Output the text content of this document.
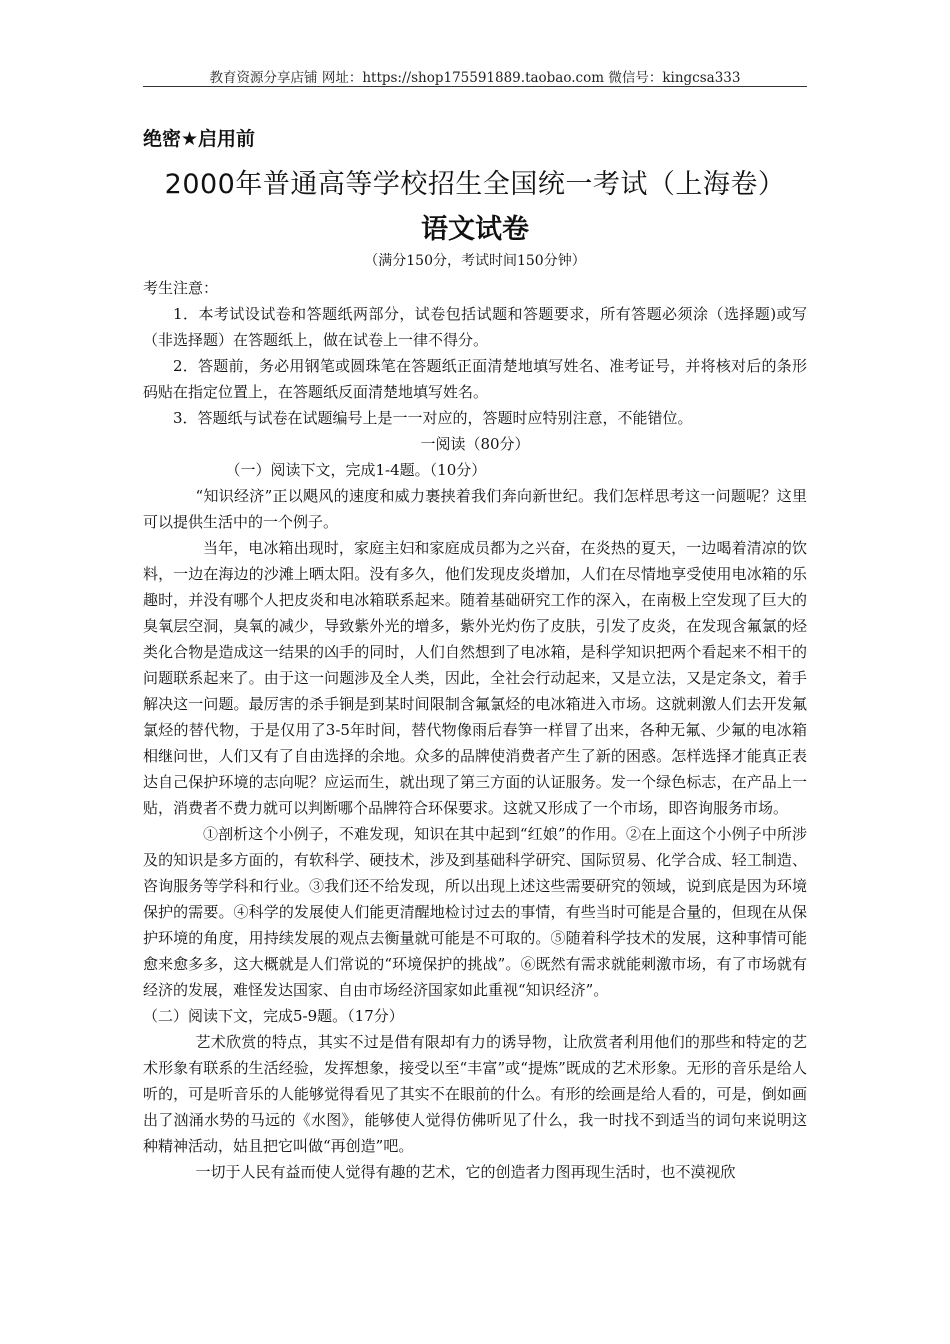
教育资源分享店铺 网址：https://shop175591889.taobao.com 微信号：kingcsa333
绝密★启用前
2000年普通高等学校招生全国统一考试（上海卷）
语文试卷
（满分150分，考试时间150分钟）

考生注意：

1．本考试设试卷和答题纸两部分，试卷包括试题和答题要求，所有答题必须涂（选择题)或写（非选择题）在答题纸上，做在试卷上一律不得分。

2．答题前，务必用钢笔或圆珠笔在答题纸正面清楚地填写姓名、准考证号，并将核对后的条形码贴在指定位置上，在答题纸反面清楚地填写姓名。

3．答题纸与试卷在试题编号上是一一对应的，答题时应特别注意，不能错位。

一阅读（80分）

（一）阅读下文，完成1-4题。（10分）

“知识经济”正以飓风的速度和威力裹挟着我们奔向新世纪。我们怎样思考这一问题呢？这里可以提供生活中的一个例子。

当年，电冰箱出现时，家庭主妇和家庭成员都为之兴奋，在炎热的夏天，一边喝着清凉的饮料，一边在海边的沙滩上晒太阳。没有多久，他们发现皮炎增加，人们在尽情地享受使用电冰箱的乐趣时，并没有哪个人把皮炎和电冰箱联系起来。随着基础研究工作的深入，在南极上空发现了巨大的臭氧层空洞，臭氧的减少，导致紫外光的增多，紫外光灼伤了皮肤，引发了皮炎，在发现含氟氯的烃类化合物是造成这一结果的凶手的同时，人们自然想到了电冰箱，是科学知识把两个看起来不相干的问题联系起来了。由于这一问题涉及全人类，因此，全社会行动起来，又是立法，又是定条文，着手解决这一问题。最厉害的杀手锏是到某时间限制含氟氯烃的电冰箱进入市场。这就刺激人们去开发氟氯烃的替代物，于是仅用了3-5年时间，替代物像雨后春笋一样冒了出来，各种无氟、少氟的电冰箱相继问世，人们又有了自由选择的余地。众多的品牌使消费者产生了新的困惑。怎样选择才能真正表达自己保护环境的志向呢？应运而生，就出现了第三方面的认证服务。发一个绿色标志，在产品上一贴，消费者不费力就可以判断哪个品牌符合环保要求。这就又形成了一个市场，即咨询服务市场。

①剖析这个小例子，不难发现，知识在其中起到“红娘”的作用。②在上面这个小例子中所涉及的知识是多方面的，有软科学、硬技术，涉及到基础科学研究、国际贸易、化学合成、轻工制造、咨询服务等学科和行业。③我们还不给发现，所以出现上述这些需要研究的领域，说到底是因为环境保护的需要。④科学的发展使人们能更清醒地检讨过去的事情，有些当时可能是合量的，但现在从保护环境的角度，用持续发展的观点去衡量就可能是不可取的。⑤随着科学技术的发展，这种事情可能愈来愈多多，这大概就是人们常说的“环境保护的挑战”。⑥既然有需求就能刺激市场，有了市场就有经济的发展，难怪发达国家、自由市场经济国家如此重视“知识经济”。

（二）阅读下文，完成5-9题。（17分）

艺术欣赏的特点，其实不过是借有限却有力的诱导物，让欣赏者利用他们的那些和特定的艺术形象有联系的生活经验，发挥想象，接受以至“丰富”或“提炼”既成的艺术形象。无形的音乐是给人听的，可是听音乐的人能够觉得看见了其实不在眼前的什么。有形的绘画是给人看的，可是，倒如画出了汹涌水势的马远的《水图》，能够使人觉得仿佛听见了什么，我一时找不到适当的词句来说明这种精神活动，姑且把它叫做“再创造”吧。

一切于人民有益而使人觉得有趣的艺术，它的创造者力图再现生活时，也不漠视欣
